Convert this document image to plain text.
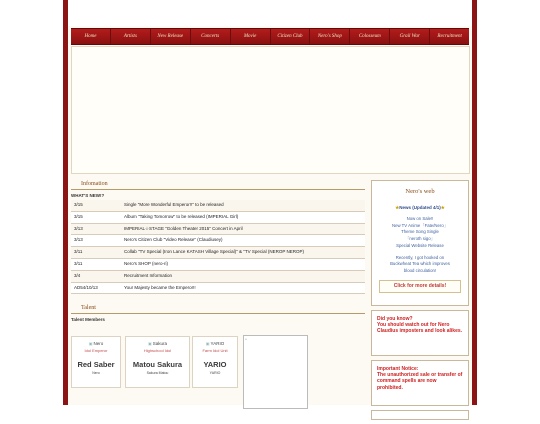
Home	Artists	New Release	Concerts	Movie	Citizen Club	Nero's Shop	Colosseum	Grail War	Recruitment
Infomation
WHAT'S NEW!?
3/15	Single "More Wonderful Emperor!!" to be released
3/15	Album "Taking Tomorrow" to be released (IMPERIAL Girl)
3/13	IMPERIAL☆STAGE "Golden Theater 2015" Concert in April
3/13	Nero's Citizen Club "Video Release" (Claudiusey)
3/11	Collab "TV Special (Iron Lance KATASH Village Special)" & "TV Special (NEROP NEROP)
3/11	Nero's SHOP (nero-ri)
3/4	Recruitment Information
AD54/10/13	Your Majesty became the Emperor!!
Talent
Talent Members
▣ Nero
Idol Emperor
Red Saber
Nero
▣ Sakura
Highschool Idol
Matou Sakura
Sakura Matou
▣ YARIO
Farm Idol Unit
YARIO
YARIO
▫
Nero's web
★News (Updated 4/1)★
Now on Sale!!
New TV Anime「Fate/Nero」
Theme Song Single
「neroth sigo」
Special Website Release
Recently, I got hooked on
Buckwheat Tea which improves
blood circulation!
Click for more details!
Did you know?
You should watch out for Nero Claudius imposters and look alikes.
Important Notice:
The unauthorized sale or transfer of command spells are now prohibited.
